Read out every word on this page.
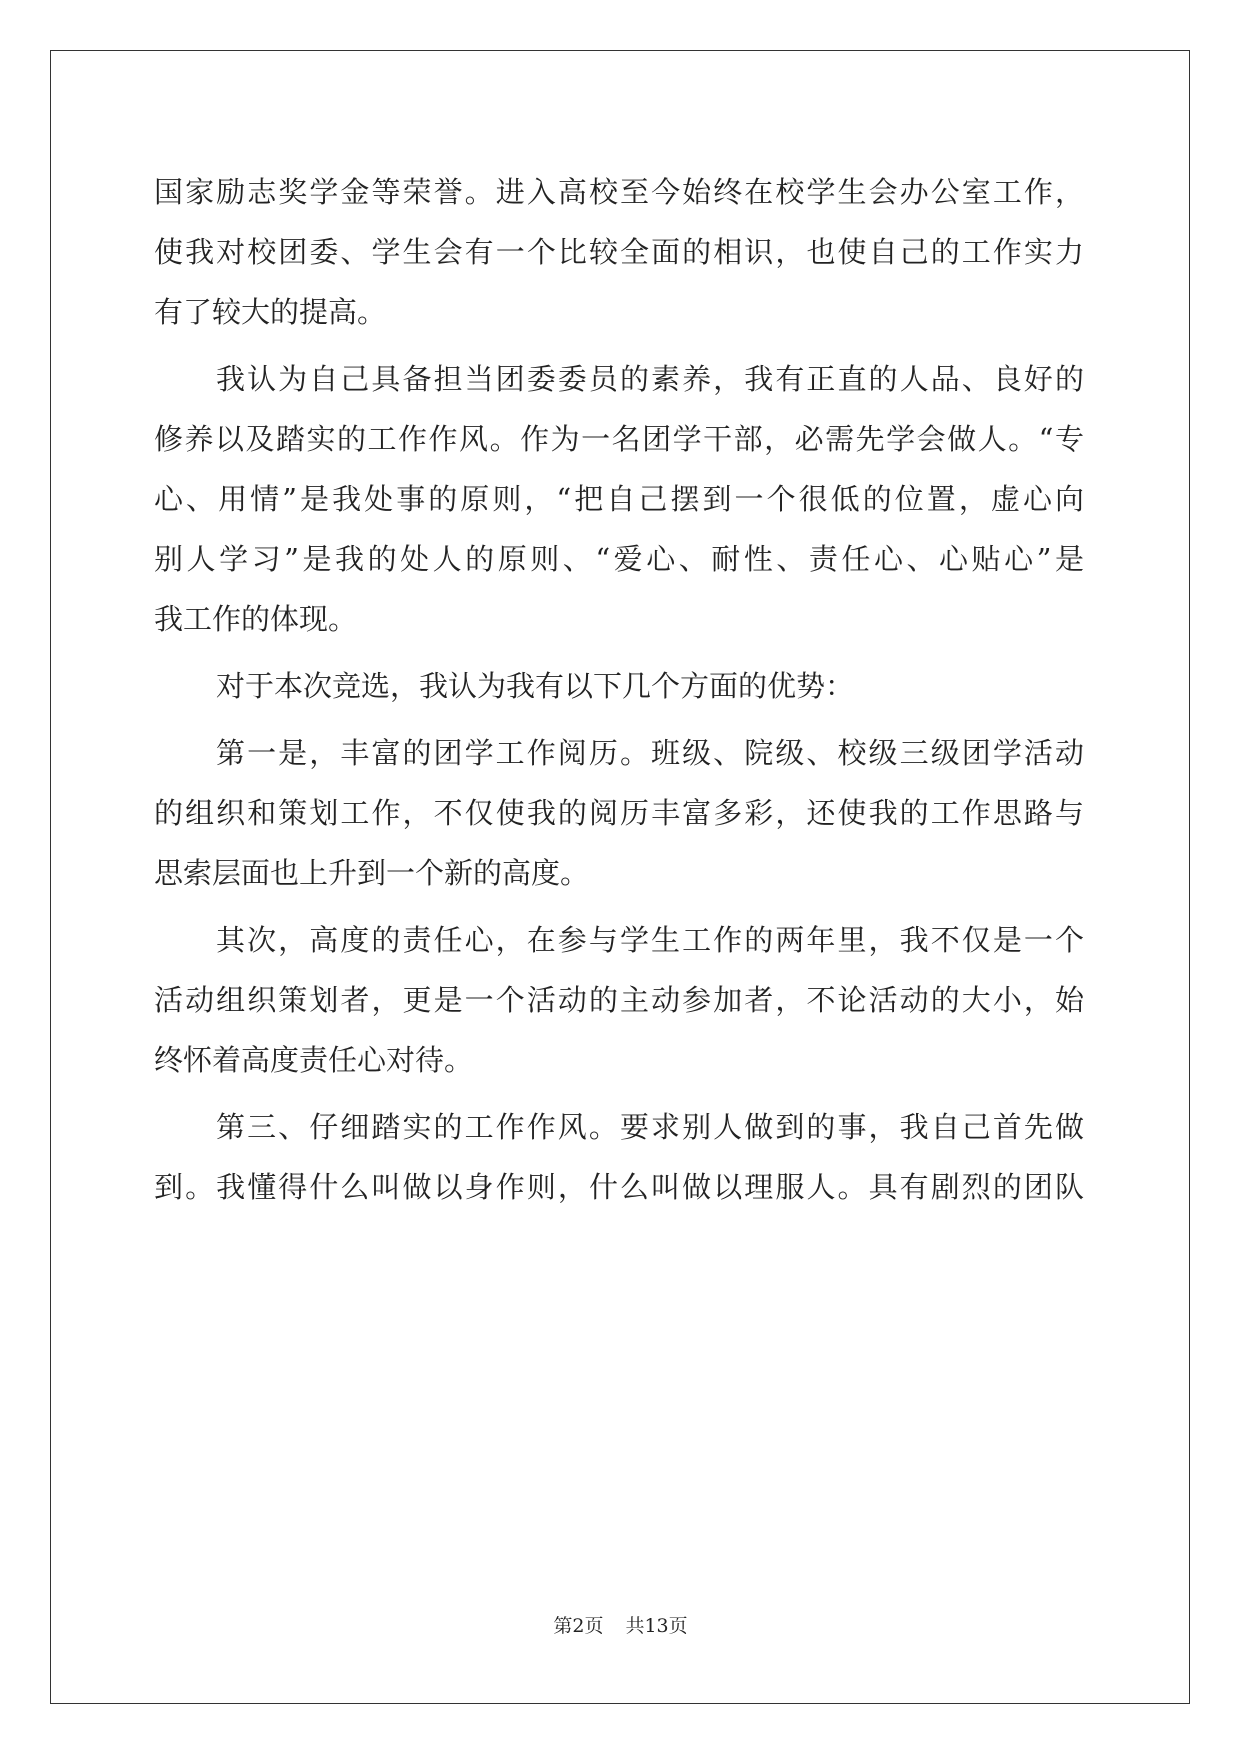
国家励志奖学金等荣誉。进入高校至今始终在校学生会办公室工作，
使我对校团委、学生会有一个比较全面的相识，也使自己的工作实力
有了较大的提高。
我认为自己具备担当团委委员的素养，我有正直的人品、良好的
修养以及踏实的工作作风。作为一名团学干部，必需先学会做人。“专
心、用情”是我处事的原则，“把自己摆到一个很低的位置，虚心向
别人学习”是我的处人的原则、“爱心、耐性、责任心、心贴心”是
我工作的体现。
对于本次竞选，我认为我有以下几个方面的优势：
第一是，丰富的团学工作阅历。班级、院级、校级三级团学活动
的组织和策划工作，不仅使我的阅历丰富多彩，还使我的工作思路与
思索层面也上升到一个新的高度。
其次，高度的责任心，在参与学生工作的两年里，我不仅是一个
活动组织策划者，更是一个活动的主动参加者，不论活动的大小，始
终怀着高度责任心对待。
第三、仔细踏实的工作作风。要求别人做到的事，我自己首先做
到。我懂得什么叫做以身作则，什么叫做以理服人。具有剧烈的团队
第2页 共13页
